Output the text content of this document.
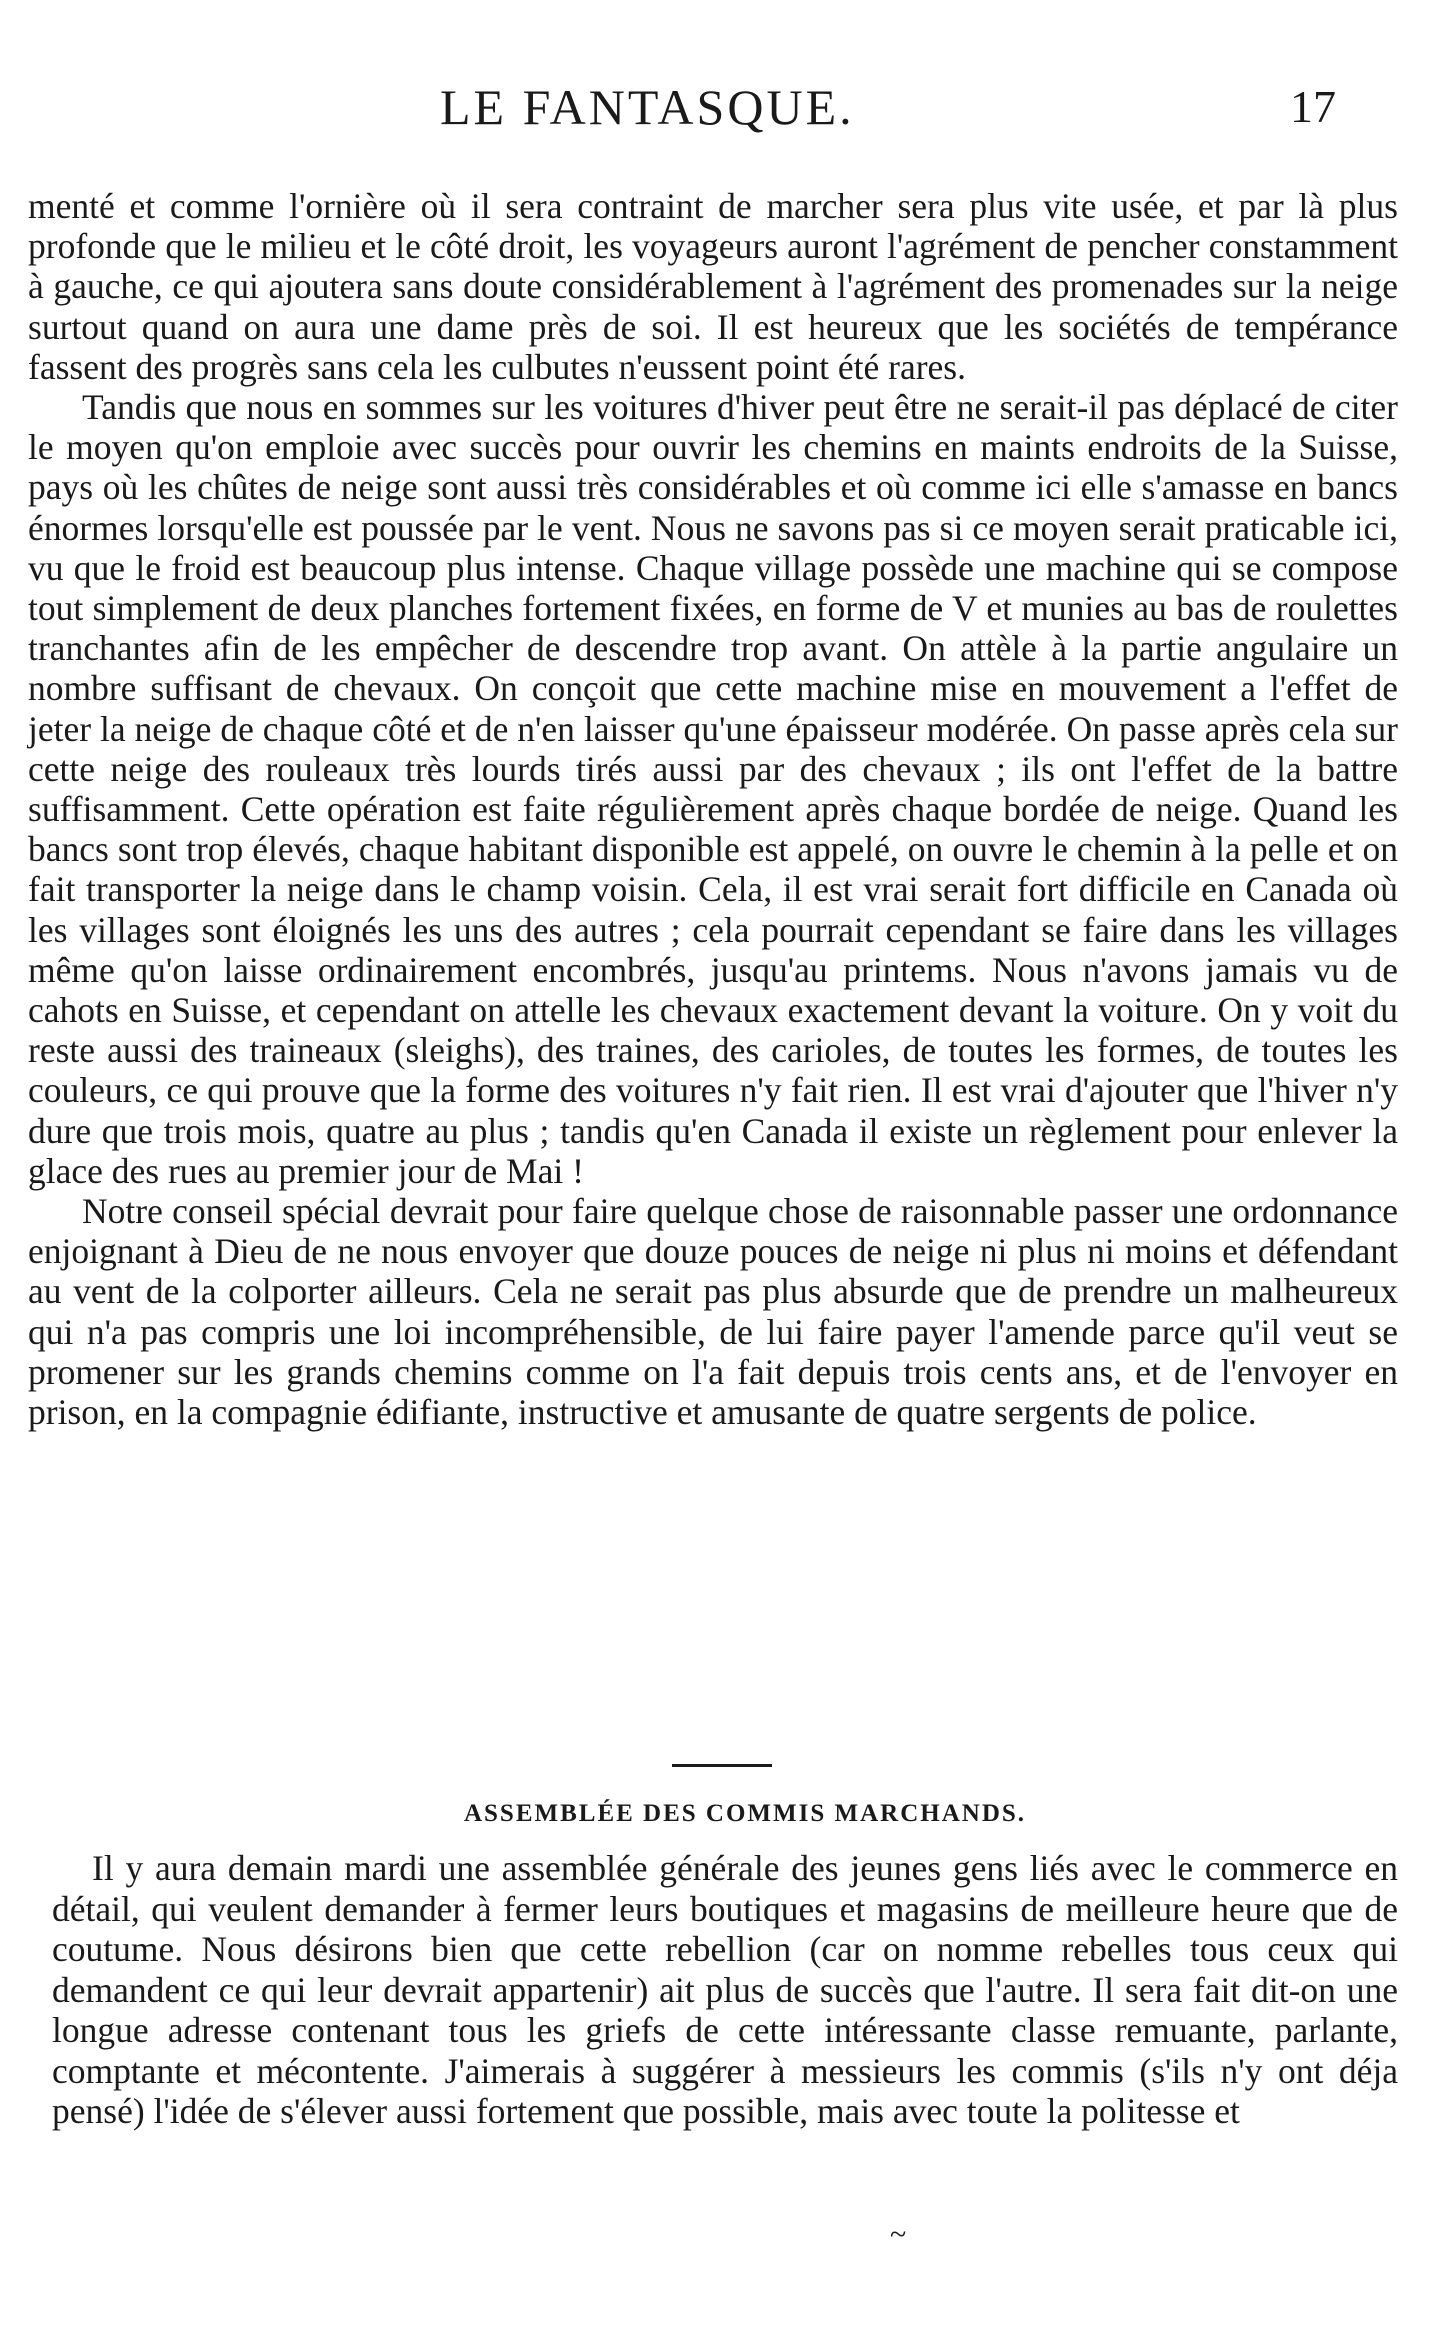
LE FANTASQUE.	17

menté et comme l'ornière où il sera contraint de marcher sera plus vite usée, et par là plus profonde que le milieu et le côté droit, les voyageurs auront l'agrément de pencher constamment à gauche, ce qui ajoutera sans doute considérablement à l'agrément des promenades sur la neige surtout quand on aura une dame près de soi. Il est heureux que les sociétés de tempérance fassent des progrès sans cela les culbutes n'eussent point été rares.

Tandis que nous en sommes sur les voitures d'hiver peut être ne serait-il pas déplacé de citer le moyen qu'on emploie avec succès pour ouvrir les chemins en maints endroits de la Suisse, pays où les chûtes de neige sont aussi très considérables et où comme ici elle s'amasse en bancs énormes lorsqu'elle est poussée par le vent. Nous ne savons pas si ce moyen serait praticable ici, vu que le froid est beaucoup plus intense. Chaque village possède une machine qui se compose tout simplement de deux planches fortement fixées, en forme de V et munies au bas de roulettes tranchantes afin de les empêcher de descendre trop avant. On attèle à la partie angulaire un nombre suffisant de chevaux. On conçoit que cette machine mise en mouvement a l'effet de jeter la neige de chaque côté et de n'en laisser qu'une épaisseur modérée. On passe après cela sur cette neige des rouleaux très lourds tirés aussi par des chevaux ; ils ont l'effet de la battre suffisamment. Cette opération est faite régulièrement après chaque bordée de neige. Quand les bancs sont trop élevés, chaque habitant disponible est appelé, on ouvre le chemin à la pelle et on fait transporter la neige dans le champ voisin. Cela, il est vrai serait fort difficile en Canada où les villages sont éloignés les uns des autres ; cela pourrait cependant se faire dans les villages même qu'on laisse ordinairement encombrés, jusqu'au printems. Nous n'avons jamais vu de cahots en Suisse, et cependant on attelle les chevaux exactement devant la voiture. On y voit du reste aussi des traineaux (sleighs), des traines, des carioles, de toutes les formes, de toutes les couleurs, ce qui prouve que la forme des voitures n'y fait rien. Il est vrai d'ajouter que l'hiver n'y dure que trois mois, quatre au plus ; tandis qu'en Canada il existe un règlement pour enlever la glace des rues au premier jour de Mai !

Notre conseil spécial devrait pour faire quelque chose de raisonnable passer une ordonnance enjoignant à Dieu de ne nous envoyer que douze pouces de neige ni plus ni moins et défendant au vent de la colporter ailleurs. Cela ne serait pas plus absurde que de prendre un malheureux qui n'a pas compris une loi incompréhensible, de lui faire payer l'amende parce qu'il veut se promener sur les grands chemins comme on l'a fait depuis trois cents ans, et de l'envoyer en prison, en la compagnie édifiante, instructive et amusante de quatre sergents de police.

ASSEMBLÉE DES COMMIS MARCHANDS.

Il y aura demain mardi une assemblée générale des jeunes gens liés avec le commerce en détail, qui veulent demander à fermer leurs boutiques et magasins de meilleure heure que de coutume. Nous désirons bien que cette rebellion (car on nomme rebelles tous ceux qui demandent ce qui leur devrait appartenir) ait plus de succès que l'autre. Il sera fait dit-on une longue adresse contenant tous les griefs de cette intéressante classe remuante, parlante, comptante et mécontente. J'aimerais à suggérer à messieurs les commis (s'ils n'y ont déja pensé) l'idée de s'élever aussi fortement que possible, mais avec toute la politesse et

~
